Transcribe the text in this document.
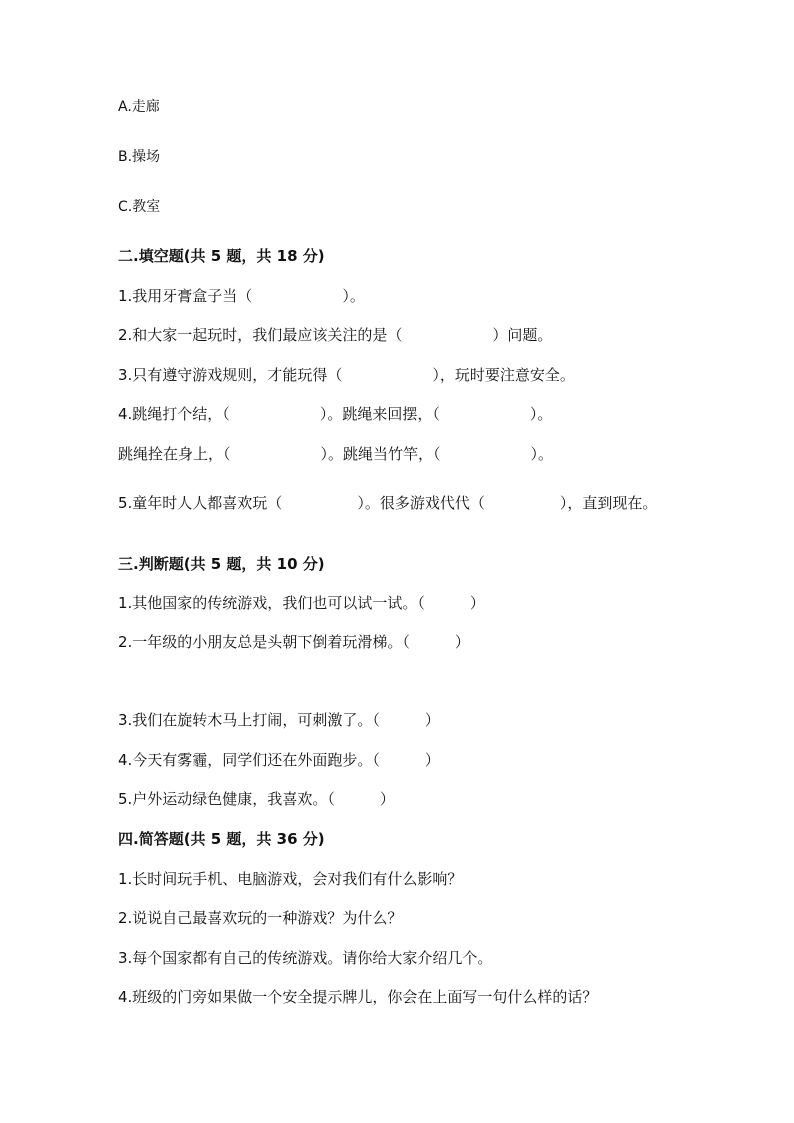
A.走廊
B.操场
C.教室
二.填空题(共 5 题，共 18 分)
1.我用牙膏盒子当（　　　　　　）。
2.和大家一起玩时，我们最应该关注的是（　　　　　　）问题。
3.只有遵守游戏规则，才能玩得（　　　　　　），玩时要注意安全。
4.跳绳打个结，（　　　　　　）。跳绳来回摆，（　　　　　　）。
跳绳拴在身上，（　　　　　　）。跳绳当竹竿，（　　　　　　）。
5.童年时人人都喜欢玩（　　　　　）。很多游戏代代（　　　　　），直到现在。
三.判断题(共 5 题，共 10 分)
1.其他国家的传统游戏，我们也可以试一试。（　　　）
2.一年级的小朋友总是头朝下倒着玩滑梯。（　　　）
3.我们在旋转木马上打闹，可刺激了。（　　　）
4.今天有雾霾，同学们还在外面跑步。（　　　）
5.户外运动绿色健康，我喜欢。（　　　）
四.简答题(共 5 题，共 36 分)
1.长时间玩手机、电脑游戏，会对我们有什么影响？
2.说说自己最喜欢玩的一种游戏？为什么？
3.每个国家都有自己的传统游戏。请你给大家介绍几个。
4.班级的门旁如果做一个安全提示牌儿，你会在上面写一句什么样的话？
